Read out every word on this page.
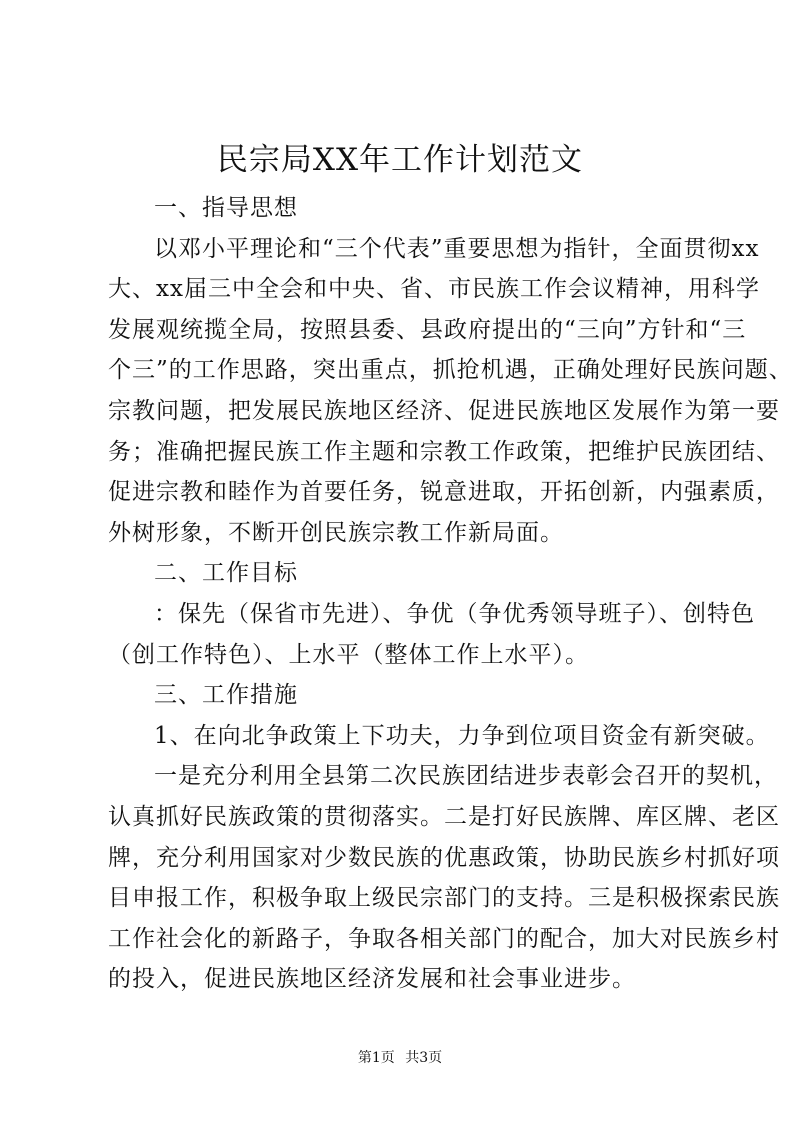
民宗局XX年工作计划范文
一、指导思想
以邓小平理论和“三个代表”重要思想为指针，全面贯彻xx
大、xx届三中全会和中央、省、市民族工作会议精神，用科学
发展观统揽全局，按照县委、县政府提出的“三向”方针和“三
个三”的工作思路，突出重点，抓抢机遇，正确处理好民族问题、
宗教问题，把发展民族地区经济、促进民族地区发展作为第一要
务；准确把握民族工作主题和宗教工作政策，把维护民族团结、
促进宗教和睦作为首要任务，锐意进取，开拓创新，内强素质，
外树形象，不断开创民族宗教工作新局面。
二、工作目标
：保先（保省市先进）、争优（争优秀领导班子）、创特色
（创工作特色）、上水平（整体工作上水平）。
三、工作措施
1、在向北争政策上下功夫，力争到位项目资金有新突破。
一是充分利用全县第二次民族团结进步表彰会召开的契机，
认真抓好民族政策的贯彻落实。二是打好民族牌、库区牌、老区
牌，充分利用国家对少数民族的优惠政策，协助民族乡村抓好项
目申报工作，积极争取上级民宗部门的支持。三是积极探索民族
工作社会化的新路子，争取各相关部门的配合，加大对民族乡村
的投入，促进民族地区经济发展和社会事业进步。
第1页 共3页
